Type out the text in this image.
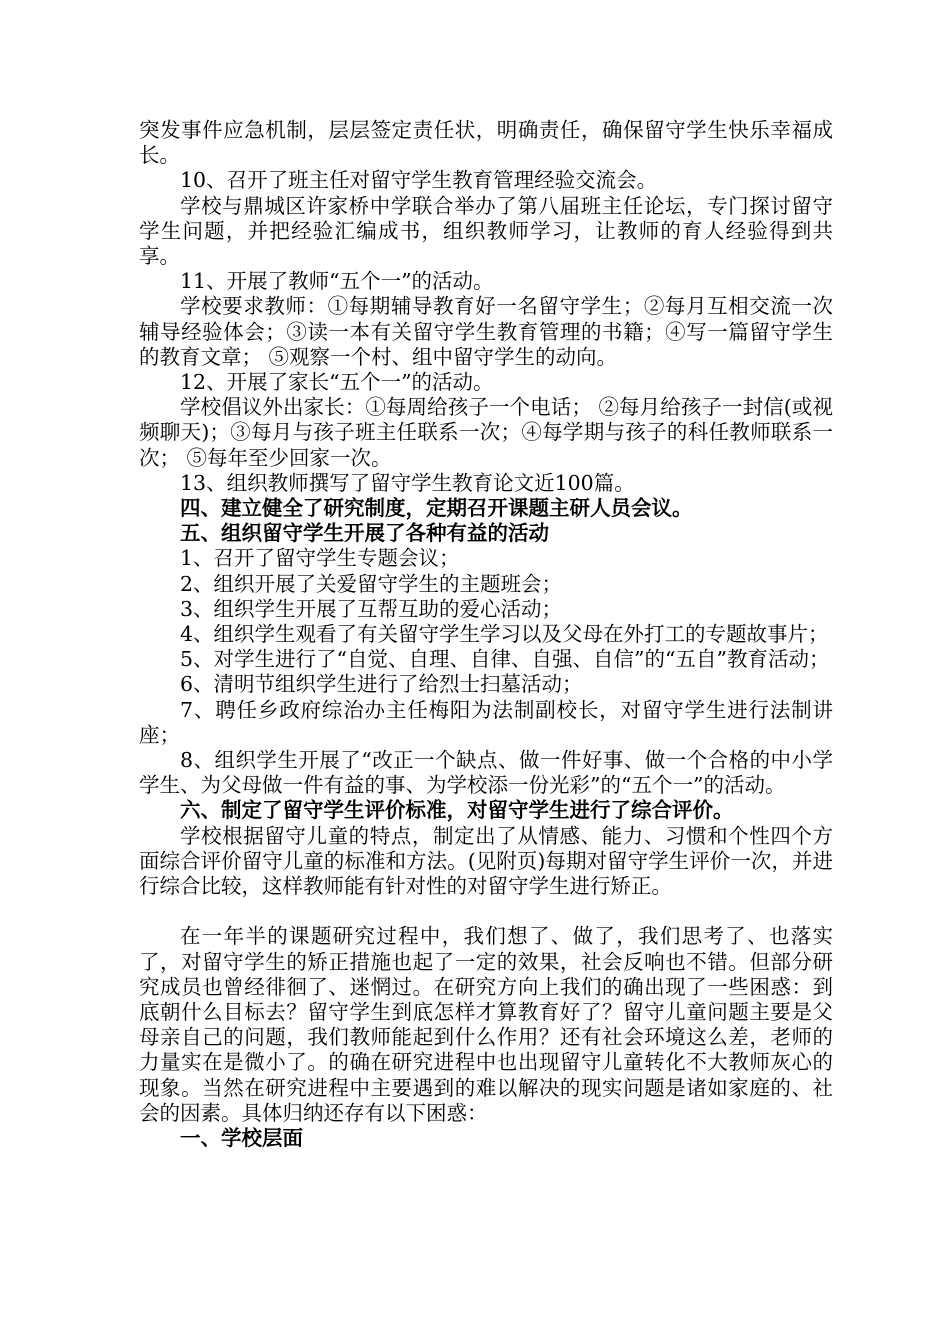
突发事件应急机制，层层签定责任状，明确责任，确保留守学生快乐幸福成长。

10、召开了班主任对留守学生教育管理经验交流会。

学校与鼎城区许家桥中学联合举办了第八届班主任论坛，专门探讨留守学生问题，并把经验汇编成书，组织教师学习，让教师的育人经验得到共享。

11、开展了教师“五个一”的活动。

学校要求教师：①每期辅导教育好一名留守学生；②每月互相交流一次辅导经验体会；③读一本有关留守学生教育管理的书籍；④写一篇留守学生的教育文章； ⑤观察一个村、组中留守学生的动向。

12、开展了家长“五个一”的活动。

学校倡议外出家长：①每周给孩子一个电话； ②每月给孩子一封信(或视频聊天)；③每月与孩子班主任联系一次；④每学期与孩子的科任教师联系一次； ⑤每年至少回家一次。

13、组织教师撰写了留守学生教育论文近100篇。

四、建立健全了研究制度，定期召开课题主研人员会议。

五、组织留守学生开展了各种有益的活动

1、召开了留守学生专题会议；

2、组织开展了关爱留守学生的主题班会；

3、组织学生开展了互帮互助的爱心活动；

4、组织学生观看了有关留守学生学习以及父母在外打工的专题故事片；

5、对学生进行了“自觉、自理、自律、自强、自信”的“五自”教育活动；

6、清明节组织学生进行了给烈士扫墓活动；

7、聘任乡政府综治办主任梅阳为法制副校长，对留守学生进行法制讲座；

8、组织学生开展了“改正一个缺点、做一件好事、做一个合格的中小学学生、为父母做一件有益的事、为学校添一份光彩”的“五个一”的活动。

六、制定了留守学生评价标准，对留守学生进行了综合评价。

学校根据留守儿童的特点，制定出了从情感、能力、习惯和个性四个方面综合评价留守儿童的标准和方法。(见附页)每期对留守学生评价一次，并进行综合比较，这样教师能有针对性的对留守学生进行矫正。

在一年半的课题研究过程中，我们想了、做了，我们思考了、也落实了，对留守学生的矫正措施也起了一定的效果，社会反响也不错。但部分研究成员也曾经徘徊了、迷惘过。在研究方向上我们的确出现了一些困惑：到底朝什么目标去？留守学生到底怎样才算教育好了？留守儿童问题主要是父母亲自己的问题，我们教师能起到什么作用？还有社会环境这么差，老师的力量实在是微小了。的确在研究进程中也出现留守儿童转化不大教师灰心的现象。当然在研究进程中主要遇到的难以解决的现实问题是诸如家庭的、社会的因素。具体归纳还存有以下困惑：

一、学校层面
